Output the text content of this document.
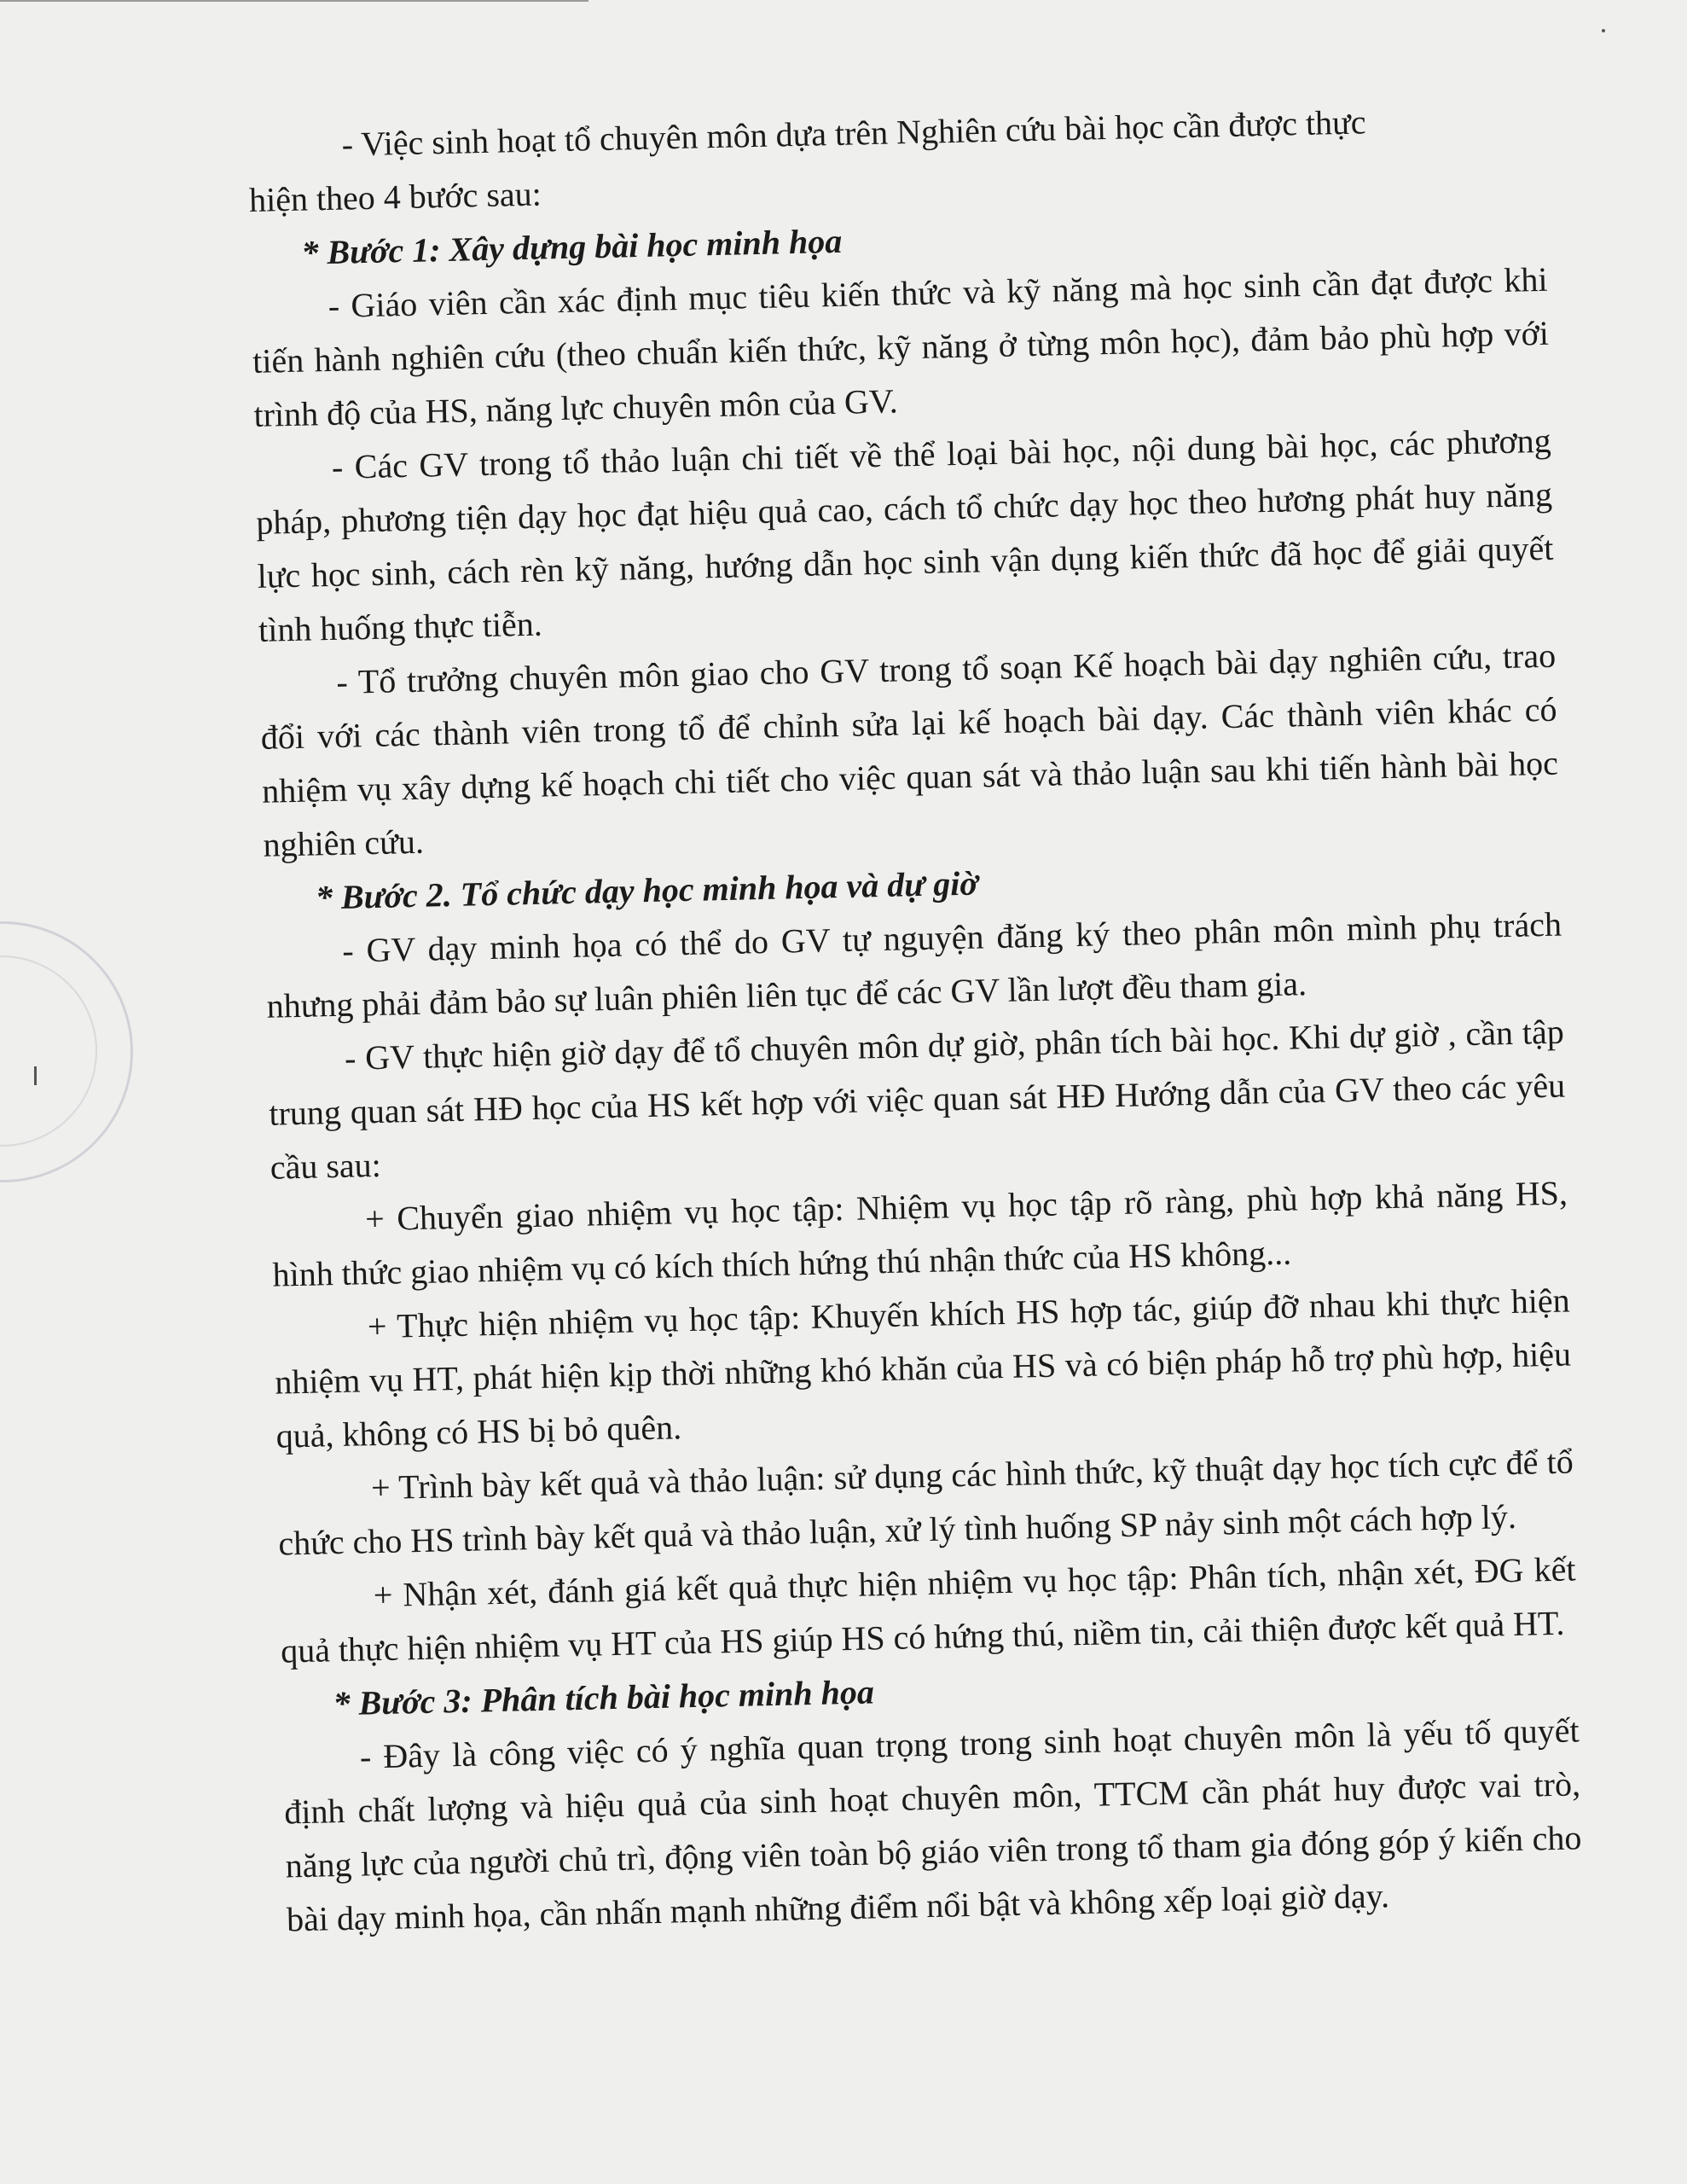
- Việc sinh hoạt tổ chuyên môn dựa trên Nghiên cứu bài học cần được thực
hiện theo 4 bước sau:
* Bước 1: Xây dựng bài học minh họa

- Giáo viên cần xác định mục tiêu kiến thức và kỹ năng mà học sinh cần đạt được khi tiến hành nghiên cứu (theo chuẩn kiến thức, kỹ năng ở từng môn học), đảm bảo phù hợp với trình độ của HS, năng lực chuyên môn của GV.

- Các GV trong tổ thảo luận chi tiết về thể loại bài học, nội dung bài học, các phương pháp, phương tiện dạy học đạt hiệu quả cao, cách tổ chức dạy học theo hương phát huy năng lực học sinh, cách rèn kỹ năng, hướng dẫn học sinh vận dụng kiến thức đã học để giải quyết tình huống thực tiễn.

- Tổ trưởng chuyên môn giao cho GV trong tổ soạn Kế hoạch bài dạy nghiên cứu, trao đổi với các thành viên trong tổ để chỉnh sửa lại kế hoạch bài dạy. Các thành viên khác có nhiệm vụ xây dựng kế hoạch chi tiết cho việc quan sát và thảo luận sau khi tiến hành bài học nghiên cứu.

* Bước 2. Tổ chức dạy học minh họa và dự giờ

- GV dạy minh họa có thể do GV tự nguyện đăng ký theo phân môn mình phụ trách nhưng phải đảm bảo sự luân phiên liên tục để các GV lần lượt đều tham gia.

- GV thực hiện giờ dạy để tổ chuyên môn dự giờ, phân tích bài học. Khi dự giờ , cần tập trung quan sát HĐ học của HS kết hợp với việc quan sát HĐ Hướng dẫn của GV theo các yêu cầu sau:

+ Chuyển giao nhiệm vụ học tập: Nhiệm vụ học tập rõ ràng, phù hợp khả năng HS, hình thức giao nhiệm vụ có kích thích hứng thú nhận thức của HS không...

+ Thực hiện nhiệm vụ học tập: Khuyến khích HS hợp tác, giúp đỡ nhau khi thực hiện nhiệm vụ HT, phát hiện kịp thời những khó khăn của HS và có biện pháp hỗ trợ phù hợp, hiệu quả, không có HS bị bỏ quên.

+ Trình bày kết quả và thảo luận: sử dụng các hình thức, kỹ thuật dạy học tích cực để tổ chức cho HS trình bày kết quả và thảo luận, xử lý tình huống SP nảy sinh một cách hợp lý.

+ Nhận xét, đánh giá kết quả thực hiện nhiệm vụ học tập: Phân tích, nhận xét, ĐG kết quả thực hiện nhiệm vụ HT của HS giúp HS có hứng thú, niềm tin, cải thiện được kết quả HT.

* Bước 3: Phân tích bài học minh họa

- Đây là công việc có ý nghĩa quan trọng trong sinh hoạt chuyên môn là yếu tố quyết định chất lượng và hiệu quả của sinh hoạt chuyên môn, TTCM cần phát huy được vai trò, năng lực của người chủ trì, động viên toàn bộ giáo viên trong tổ tham gia đóng góp ý kiến cho bài dạy minh họa, cần nhấn mạnh những điểm nổi bật và không xếp loại giờ dạy.
